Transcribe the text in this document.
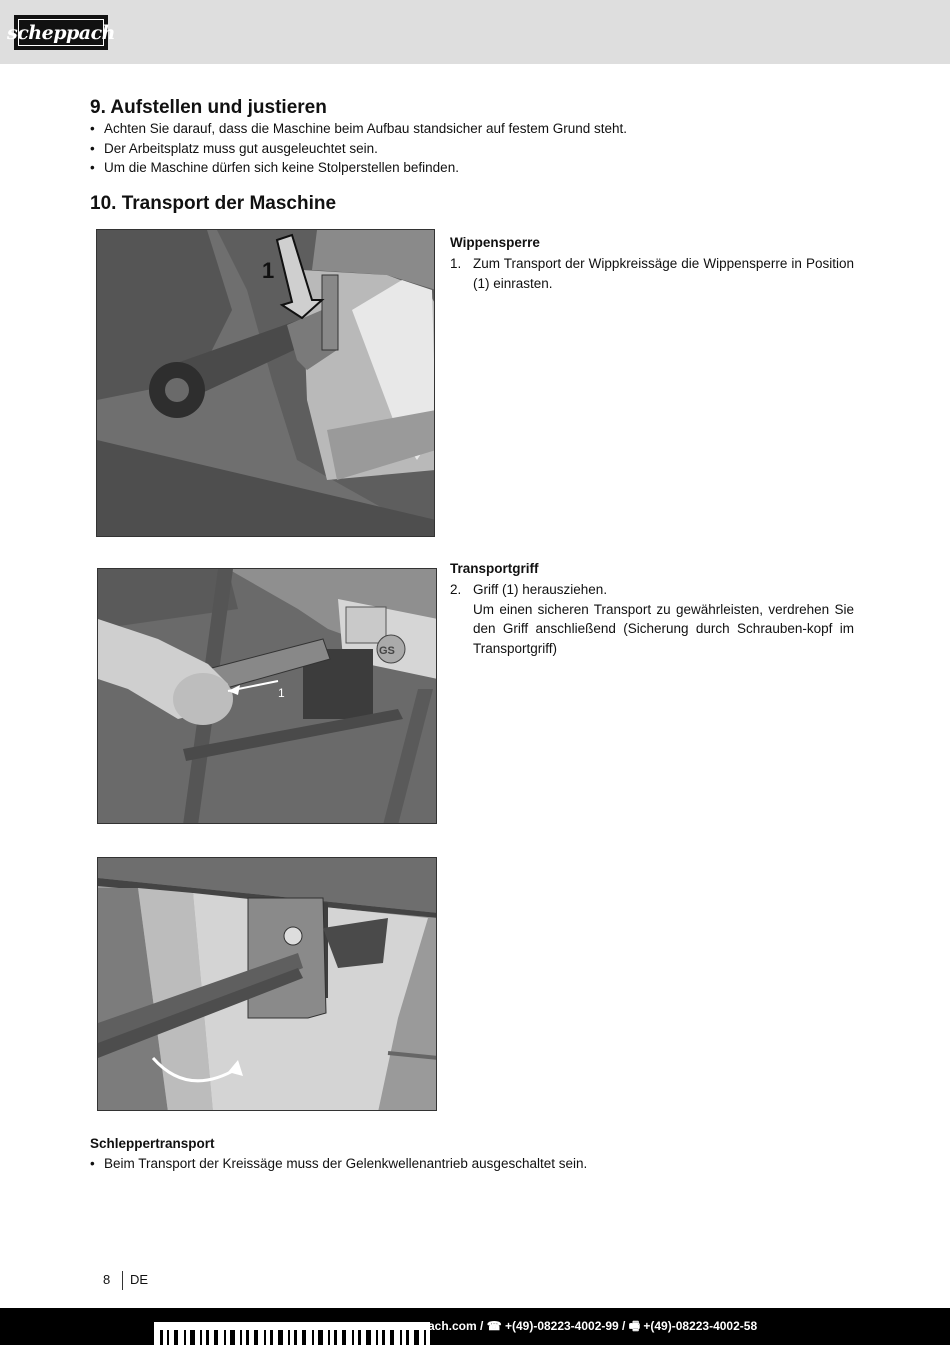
scheppach
9. Aufstellen und justieren
• Achten Sie darauf, dass die Maschine beim Aufbau standsicher auf festem Grund steht.
• Der Arbeitsplatz muss gut ausgeleuchtet sein.
• Um die Maschine dürfen sich keine Stolperstellen befinden.
10. Transport der Maschine
1
Wippensperre
1. Zum Transport der Wippkreissäge die Wippensperre in Position (1) einrasten.
1
GS
Transportgriff
2. Griff (1) herausziehen.
Um einen sicheren Transport zu gewährleisten, verdrehen Sie den Griff anschließend (Sicherung durch Schrauben-kopf im Transportgriff)
Schleppertransport
• Beim Transport der Kreissäge muss der Gelenkwellenantrieb ausgeschaltet sein.
8 DE
ach.com / ☎ +(49)-08223-4002-99 / 🖷 +(49)-08223-4002-58
